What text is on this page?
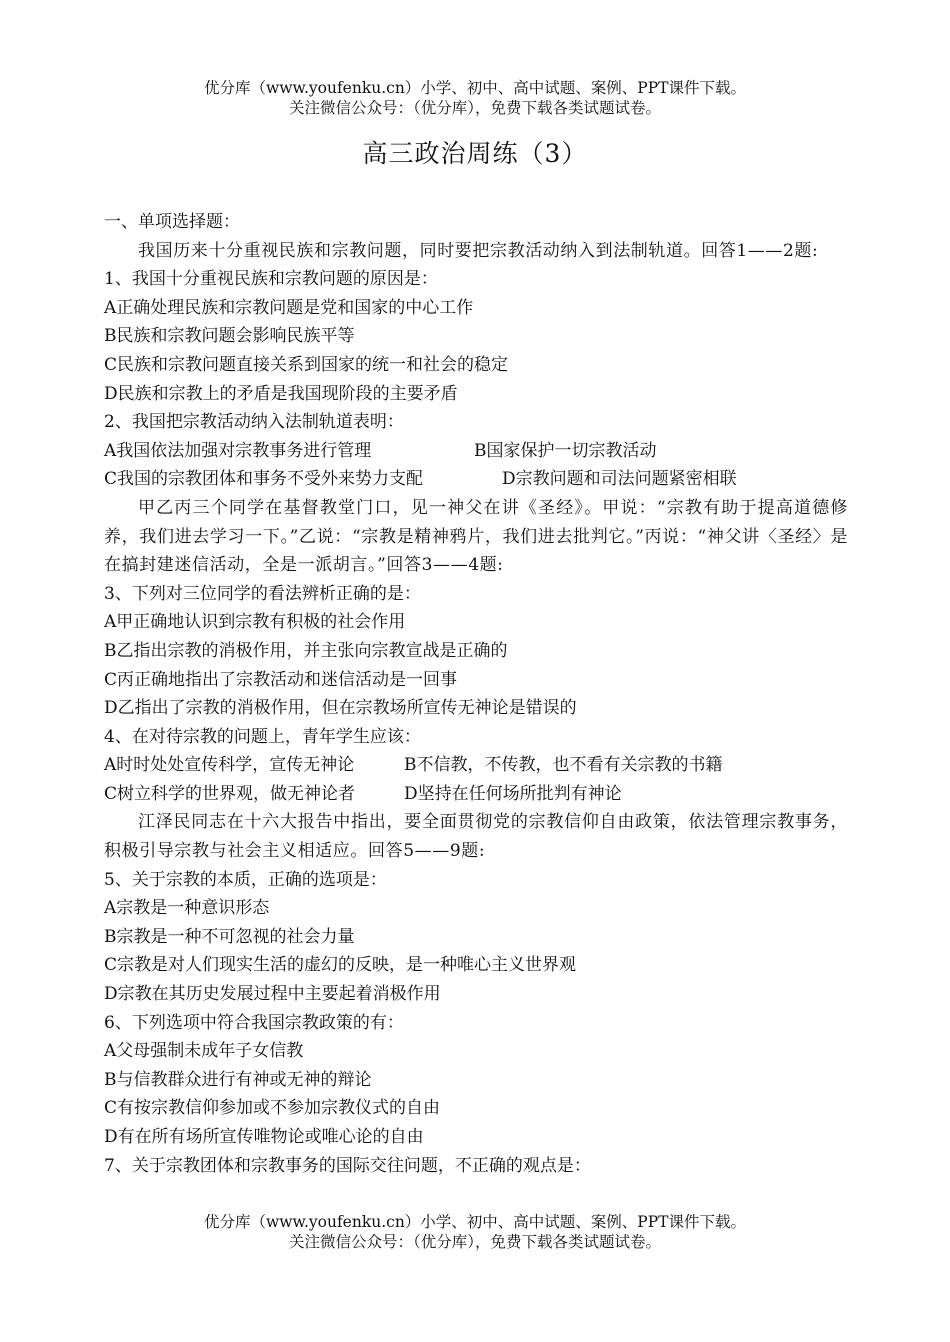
优分库（www.youfenku.cn）小学、初中、高中试题、案例、PPT课件下载。
关注微信公众号：（优分库），免费下载各类试题试卷。
高三政治周练（3）

一、单项选择题：

我国历来十分重视民族和宗教问题，同时要把宗教活动纳入到法制轨道。回答1——2题:

1、我国十分重视民族和宗教问题的原因是：

A正确处理民族和宗教问题是党和国家的中心工作

B民族和宗教问题会影响民族平等

C民族和宗教问题直接关系到国家的统一和社会的稳定

D民族和宗教上的矛盾是我国现阶段的主要矛盾

2、我国把宗教活动纳入法制轨道表明：

A我国依法加强对宗教事务进行管理	B国家保护一切宗教活动
C我国的宗教团体和事务不受外来势力支配	D宗教问题和司法问题紧密相联

甲乙丙三个同学在基督教堂门口，见一神父在讲《圣经》。甲说：“宗教有助于提高道德修养，我们进去学习一下。”乙说：“宗教是精神鸦片，我们进去批判它。”丙说：“神父讲〈圣经〉是在搞封建迷信活动，全是一派胡言。”回答3——4题:

3、下列对三位同学的看法辨析正确的是：

A甲正确地认识到宗教有积极的社会作用

B乙指出宗教的消极作用，并主张向宗教宣战是正确的

C丙正确地指出了宗教活动和迷信活动是一回事

D乙指出了宗教的消极作用，但在宗教场所宣传无神论是错误的

4、在对待宗教的问题上，青年学生应该：

A时时处处宣传科学，宣传无神论	B不信教，不传教，也不看有关宗教的书籍
C树立科学的世界观，做无神论者	D坚持在任何场所批判有神论

江泽民同志在十六大报告中指出，要全面贯彻党的宗教信仰自由政策，依法管理宗教事务，积极引导宗教与社会主义相适应。回答5——9题:

5、关于宗教的本质，正确的选项是：

A宗教是一种意识形态

B宗教是一种不可忽视的社会力量

C宗教是对人们现实生活的虚幻的反映，是一种唯心主义世界观

D宗教在其历史发展过程中主要起着消极作用

6、下列选项中符合我国宗教政策的有：

A父母强制未成年子女信教

B与信教群众进行有神或无神的辩论

C有按宗教信仰参加或不参加宗教仪式的自由

D有在所有场所宣传唯物论或唯心论的自由

7、关于宗教团体和宗教事务的国际交往问题，不正确的观点是：

优分库（www.youfenku.cn）小学、初中、高中试题、案例、PPT课件下载。
关注微信公众号：（优分库），免费下载各类试题试卷。
